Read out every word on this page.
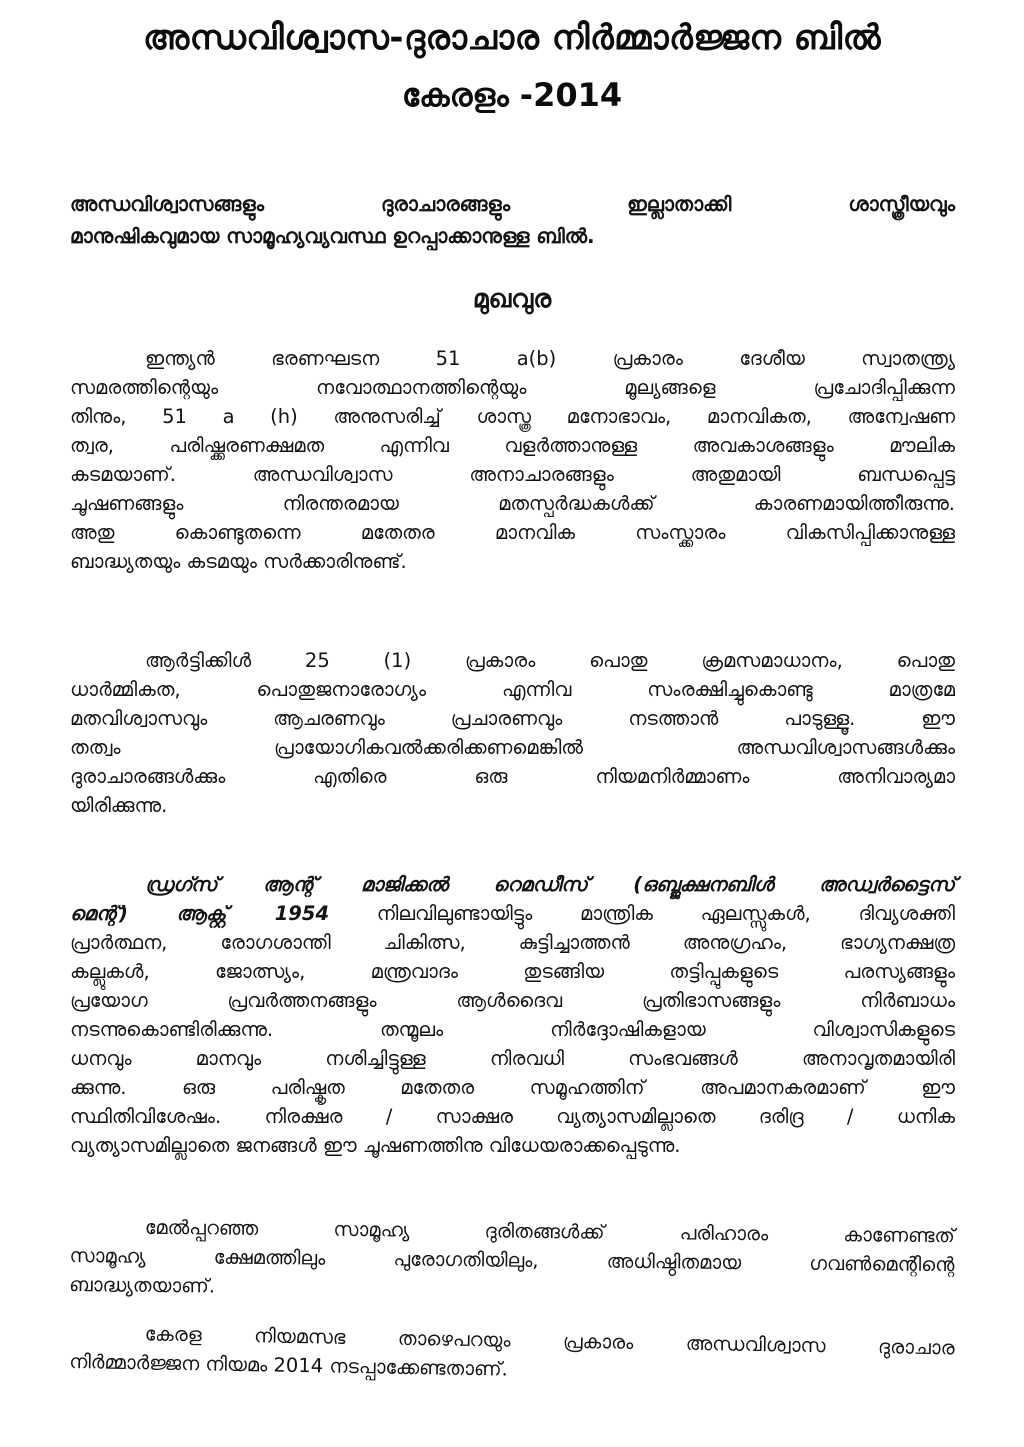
അന്ധവിശ്വാസ-ദുരാചാര നിർമ്മാർജ്ജന ബിൽ
കേരളം -2014
അന്ധവിശ്വാസങ്ങളും ദുരാചാരങ്ങളും ഇല്ലാതാക്കി ശാസ്ത്രീയവും
മാനുഷികവുമായ സാമൂഹ്യവ്യവസ്ഥ ഉറപ്പാക്കാനുള്ള ബിൽ.
മുഖവുര
ഇന്ത്യൻ ഭരണഘടന 51 a(b) പ്രകാരം ദേശീയ സ്വാതന്ത്ര്യ
സമരത്തിന്റെയും നവോത്ഥാനത്തിന്റെയും മൂല്യങ്ങളെ പ്രചോദിപ്പിക്കുന്ന
തിനും, 51 a (h) അനുസരിച്ച് ശാസ്ത്ര മനോഭാവം, മാനവികത, അന്വേഷണ
ത്വര, പരിഷ്ക്കരണക്ഷമത എന്നിവ വളർത്താനുള്ള അവകാശങ്ങളും മൗലിക
കടമയാണ്. അന്ധവിശ്വാസ അനാചാരങ്ങളും അതുമായി ബന്ധപ്പെട്ട
ചൂഷണങ്ങളും നിരന്തരമായ മതസ്പർദ്ധകൾക്ക് കാരണമായിത്തീരുന്നു.
അതു കൊണ്ടുതന്നെ മതേതര മാനവിക സംസ്ക്കാരം വികസിപ്പിക്കാനുള്ള
ബാദ്ധ്യതയും കടമയും സർക്കാരിനുണ്ട്.
ആർട്ടിക്കിൾ 25 (1) പ്രകാരം പൊതു ക്രമസമാധാനം, പൊതു
ധാർമ്മികത, പൊതുജനാരോഗ്യം എന്നിവ സംരക്ഷിച്ചുകൊണ്ടു മാത്രമേ
മതവിശ്വാസവും ആചരണവും പ്രചാരണവും നടത്താൻ പാടുള്ളൂ. ഈ
തത്വം പ്രായോഗികവൽക്കരിക്കണമെങ്കിൽ അന്ധവിശ്വാസങ്ങൾക്കും
ദുരാചാരങ്ങൾക്കും എതിരെ ഒരു നിയമനിർമ്മാണം അനിവാര്യമാ
യിരിക്കുന്നു.
ഡ്രഗ്സ് ആന്റ് മാജിക്കൽ റെമഡീസ് (ഒബ്ജക്ഷനബിൾ അഡ്വർട്ടൈസ്
മെന്റ്) ആക്റ്റ് 1954 നിലവിലുണ്ടായിട്ടും മാന്ത്രിക ഏലസ്സുകൾ, ദിവ്യശക്തി
പ്രാർത്ഥന, രോഗശാന്തി ചികിത്സ, കുട്ടിച്ചാത്തൻ അനുഗ്രഹം, ഭാഗ്യനക്ഷത്ര
കല്ലുകൾ, ജോത്സ്യം, മന്ത്രവാദം തുടങ്ങിയ തട്ടിപ്പുകളുടെ പരസ്യങ്ങളും
പ്രയോഗ പ്രവർത്തനങ്ങളും ആൾദൈവ പ്രതിഭാസങ്ങളും നിർബാധം
നടന്നുകൊണ്ടിരിക്കുന്നു. തന്മൂലം നിർദ്ദോഷികളായ വിശ്വാസികളുടെ
ധനവും മാനവും നശിച്ചിട്ടുള്ള നിരവധി സംഭവങ്ങൾ അനാവൃതമായിരി
ക്കുന്നു. ഒരു പരിഷ്കൃത മതേതര സമൂഹത്തിന് അപമാനകരമാണ് ഈ
സ്ഥിതിവിശേഷം. നിരക്ഷര / സാക്ഷര വ്യത്യാസമില്ലാതെ ദരിദ്ര / ധനിക
വ്യത്യാസമില്ലാതെ ജനങ്ങൾ ഈ ചൂഷണത്തിനു വിധേയരാക്കപ്പെടുന്നു.
മേൽപ്പറഞ്ഞ സാമൂഹ്യ ദുരിതങ്ങൾക്ക് പരിഹാരം കാണേണ്ടത്
സാമൂഹ്യ ക്ഷേമത്തിലും പുരോഗതിയിലും, അധിഷ്ഠിതമായ ഗവൺമെന്റിന്റെ
ബാദ്ധ്യതയാണ്.
കേരള നിയമസഭ താഴെപറയും പ്രകാരം അന്ധവിശ്വാസ ദുരാചാര
നിർമ്മാർജ്ജന നിയമം 2014 നടപ്പാക്കേണ്ടതാണ്.
